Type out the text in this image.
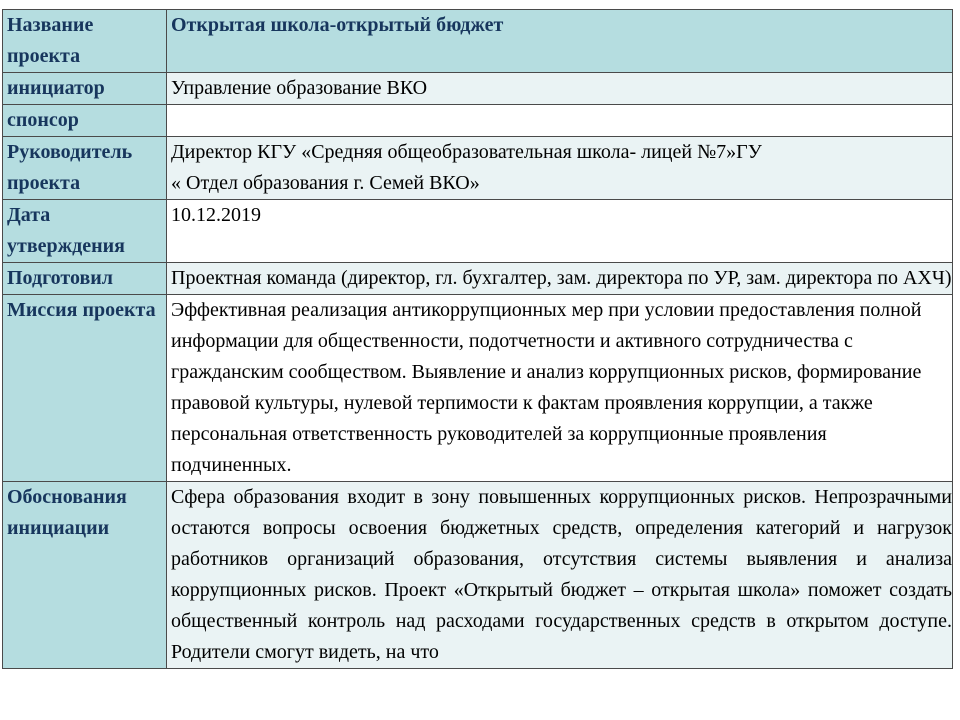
Название проекта	Открытая школа-открытый бюджет

инициатор	Управление образование ВКО
спонсор	
Руководитель проекта	Директор КГУ «Средняя общеобразовательная школа- лицей №7»ГУ
« Отдел образования г. Семей ВКО»

Дата утверждения	10.12.2019
Подготовил	Проектная команда (директор, гл. бухгалтер, зам. директора по УР, зам. директора по АХЧ)
Миссия проекта	Эффективная реализация антикоррупционных мер при условии предоставления полной информации для общественности, подотчетности и активного сотрудничества с гражданским сообществом. Выявление и анализ коррупционных рисков, формирование правовой культуры, нулевой терпимости к фактам проявления коррупции, а также персональная ответственность руководителей за коррупционные проявления подчиненных.
Обоснования инициации	Сфера образования входит в зону повышенных коррупционных рисков. Непрозрачными остаются вопросы освоения бюджетных средств, определения категорий и нагрузок работников организаций образования, отсутствия системы выявления и анализа коррупционных рисков. Проект «Открытый бюджет – открытая школа» поможет создать общественный контроль над расходами государственных средств в открытом доступе. Родители смогут видеть, на что
